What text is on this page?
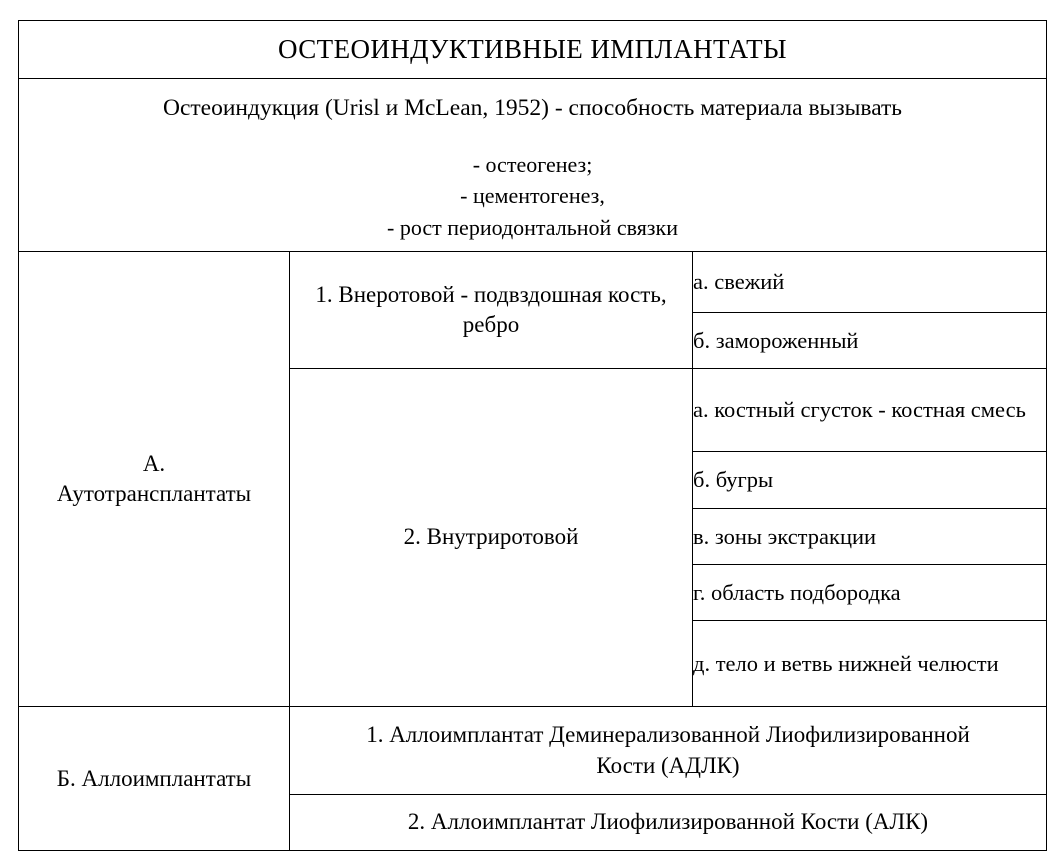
ОСТЕОИНДУКТИВНЫЕ ИМПЛАНТАТЫ		

Остеоиндукция (Urisl и McLean, 1952) - способность материала вызывать
- остеогенез;
- цементогенез,
- рост периодонтальной связки		

А.
Аутотрансплантаты	1. Внеротовой - подвздошная кость, ребро	а. свежий
		б. замороженный
	2. Внутриротовой	а. костный сгусток - костная смесь
		б. бугры
		в. зоны экстракции
		г. область подбородка
		д. тело и ветвь нижней челюсти
Б. Аллоимплантаты	1. Аллоимплантат Деминерализованной Лиофилизированной
Кости (АДЛК)	

	2. Аллоимплантат Лиофилизированной Кости (АЛК)	
